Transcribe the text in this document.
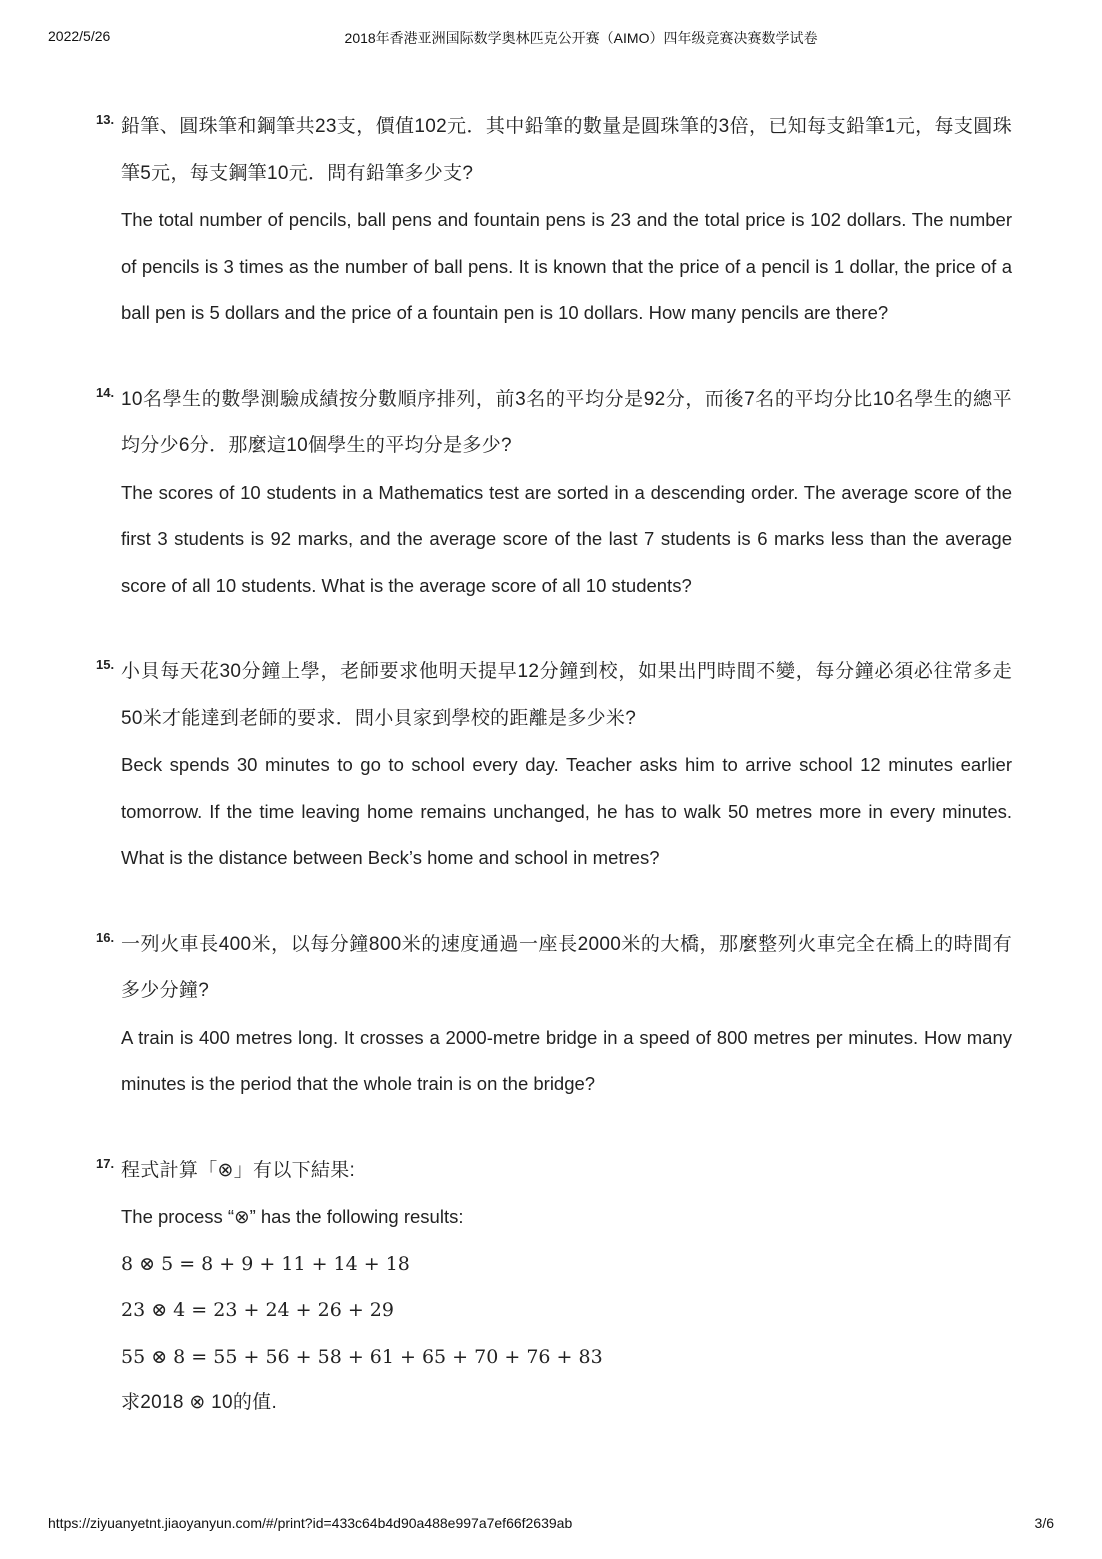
2022/5/26	2018年香港亚洲国际数学奥林匹克公开赛（AIMO）四年级竞赛决赛数学试卷
13. 鉛筆、圓珠筆和鋼筆共23支，價值102元．其中鉛筆的數量是圓珠筆的3倍，已知每支鉛筆1元，每支圓珠筆5元，每支鋼筆10元．問有鉛筆多少支?
The total number of pencils, ball pens and fountain pens is 23 and the total price is 102 dollars. The number of pencils is 3 times as the number of ball pens. It is known that the price of a pencil is 1 dollar, the price of a ball pen is 5 dollars and the price of a fountain pen is 10 dollars. How many pencils are there?
14. 10名學生的數學測驗成績按分數順序排列，前3名的平均分是92分，而後7名的平均分比10名學生的總平均分少6分．那麼這10個學生的平均分是多少?
The scores of 10 students in a Mathematics test are sorted in a descending order. The average score of the first 3 students is 92 marks, and the average score of the last 7 students is 6 marks less than the average score of all 10 students. What is the average score of all 10 students?
15. 小貝每天花30分鐘上學，老師要求他明天提早12分鐘到校，如果出門時間不變，每分鐘必須必往常多走50米才能達到老師的要求．問小貝家到學校的距離是多少米?
Beck spends 30 minutes to go to school every day. Teacher asks him to arrive school 12 minutes earlier tomorrow. If the time leaving home remains unchanged, he has to walk 50 metres more in every minutes. What is the distance between Beck’s home and school in metres?
16. 一列火車長400米，以每分鐘800米的速度通過一座長2000米的大橋，那麼整列火車完全在橋上的時間有多少分鐘?
A train is 400 metres long. It crosses a 2000-metre bridge in a speed of 800 metres per minutes. How many minutes is the period that the whole train is on the bridge?
17. 程式計算「⊗」有以下結果:
The process “⊗” has the following results:
8 ⊗ 5 = 8 + 9 + 11 + 14 + 18
23 ⊗ 4 = 23 + 24 + 26 + 29
55 ⊗ 8 = 55 + 56 + 58 + 61 + 65 + 70 + 76 + 83
求2018 ⊗ 10的值.
https://ziyuanyetnt.jiaoyanyun.com/#/print?id=433c64b4d90a488e997a7ef66f2639ab	3/6
